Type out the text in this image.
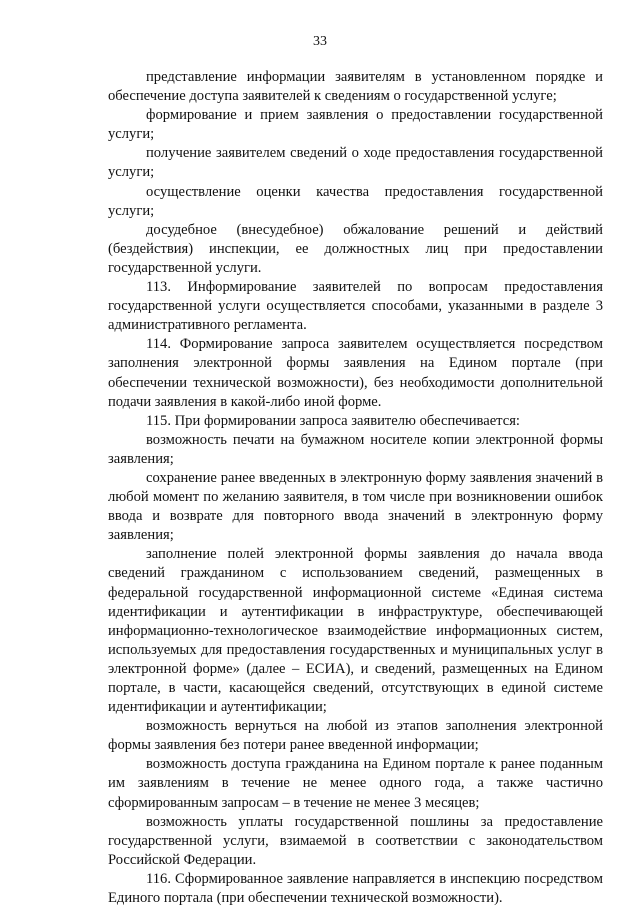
33

представление информации заявителям в установленном порядке и обеспечение доступа заявителей к сведениям о государственной услуге;

формирование и прием заявления о предоставлении государственной услуги;

получение заявителем сведений о ходе предоставления государственной услуги;

осуществление оценки качества предоставления государственной услуги;

досудебное (внесудебное) обжалование решений и действий (бездействия) инспекции, ее должностных лиц при предоставлении государственной услуги.

113. Информирование заявителей по вопросам предоставления государственной услуги осуществляется способами, указанными в разделе 3 административного регламента.

114. Формирование запроса заявителем осуществляется посредством заполнения электронной формы заявления на Едином портале (при обеспечении технической возможности), без необходимости дополнительной подачи заявления в какой-либо иной форме.

115. При формировании запроса заявителю обеспечивается:

возможность печати на бумажном носителе копии электронной формы заявления;

сохранение ранее введенных в электронную форму заявления значений в любой момент по желанию заявителя, в том числе при возникновении ошибок ввода и возврате для повторного ввода значений в электронную форму заявления;

заполнение полей электронной формы заявления до начала ввода сведений гражданином с использованием сведений, размещенных в федеральной государственной информационной системе «Единая система идентификации и аутентификации в инфраструктуре, обеспечивающей информационно-технологическое взаимодействие информационных систем, используемых для предоставления государственных и муниципальных услуг в электронной форме» (далее – ЕСИА), и сведений, размещенных на Едином портале, в части, касающейся сведений, отсутствующих в единой системе идентификации и аутентификации;

возможность вернуться на любой из этапов заполнения электронной формы заявления без потери ранее введенной информации;

возможность доступа гражданина на Едином портале к ранее поданным им заявлениям в течение не менее одного года, а также частично сформированным запросам – в течение не менее 3 месяцев;

возможность уплаты государственной пошлины за предоставление государственной услуги, взимаемой в соответствии с законодательством Российской Федерации.

116. Сформированное заявление направляется в инспекцию посредством Единого портала (при обеспечении технической возможности).
